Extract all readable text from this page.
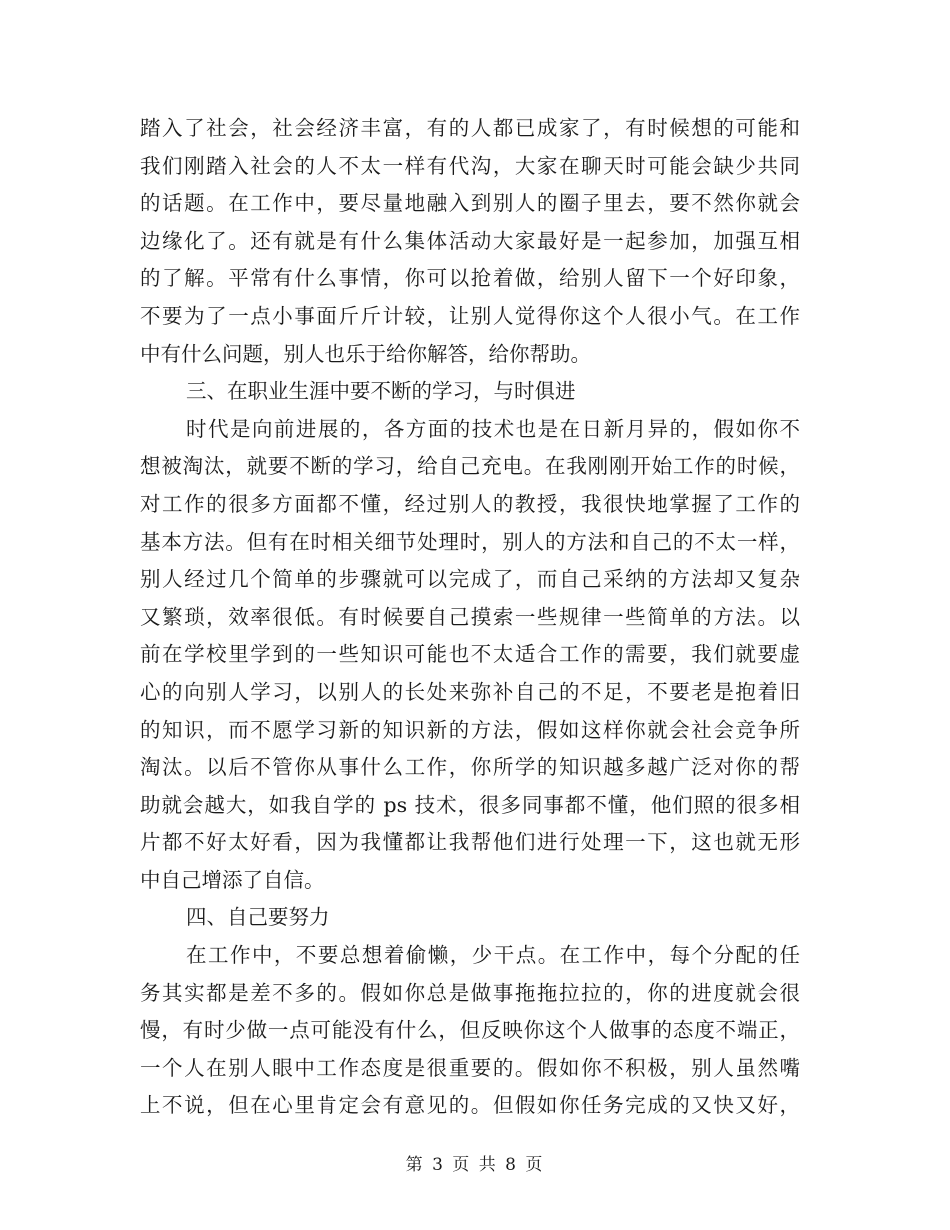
踏入了社会，社会经济丰富，有的人都已成家了，有时候想的可能和
我们刚踏入社会的人不太一样有代沟，大家在聊天时可能会缺少共同
的话题。在工作中，要尽量地融入到别人的圈子里去，要不然你就会
边缘化了。还有就是有什么集体活动大家最好是一起参加，加强互相
的了解。平常有什么事情，你可以抢着做，给别人留下一个好印象，
不要为了一点小事面斤斤计较，让别人觉得你这个人很小气。在工作
中有什么问题，别人也乐于给你解答，给你帮助。
三、在职业生涯中要不断的学习，与时俱进
时代是向前进展的，各方面的技术也是在日新月异的，假如你不
想被淘汰，就要不断的学习，给自己充电。在我刚刚开始工作的时候，
对工作的很多方面都不懂，经过别人的教授，我很快地掌握了工作的
基本方法。但有在时相关细节处理时，别人的方法和自己的不太一样，
别人经过几个简单的步骤就可以完成了，而自己采纳的方法却又复杂
又繁琐，效率很低。有时候要自己摸索一些规律一些简单的方法。以
前在学校里学到的一些知识可能也不太适合工作的需要，我们就要虚
心的向别人学习，以别人的长处来弥补自己的不足，不要老是抱着旧
的知识，而不愿学习新的知识新的方法，假如这样你就会社会竞争所
淘汰。以后不管你从事什么工作，你所学的知识越多越广泛对你的帮
助就会越大，如我自学的 ps 技术，很多同事都不懂，他们照的很多相
片都不好太好看，因为我懂都让我帮他们进行处理一下，这也就无形
中自己增添了自信。
四、自己要努力
在工作中，不要总想着偷懒，少干点。在工作中，每个分配的任
务其实都是差不多的。假如你总是做事拖拖拉拉的，你的进度就会很
慢，有时少做一点可能没有什么，但反映你这个人做事的态度不端正，
一个人在别人眼中工作态度是很重要的。假如你不积极，别人虽然嘴
上不说，但在心里肯定会有意见的。但假如你任务完成的又快又好，
第 3 页 共 8 页
